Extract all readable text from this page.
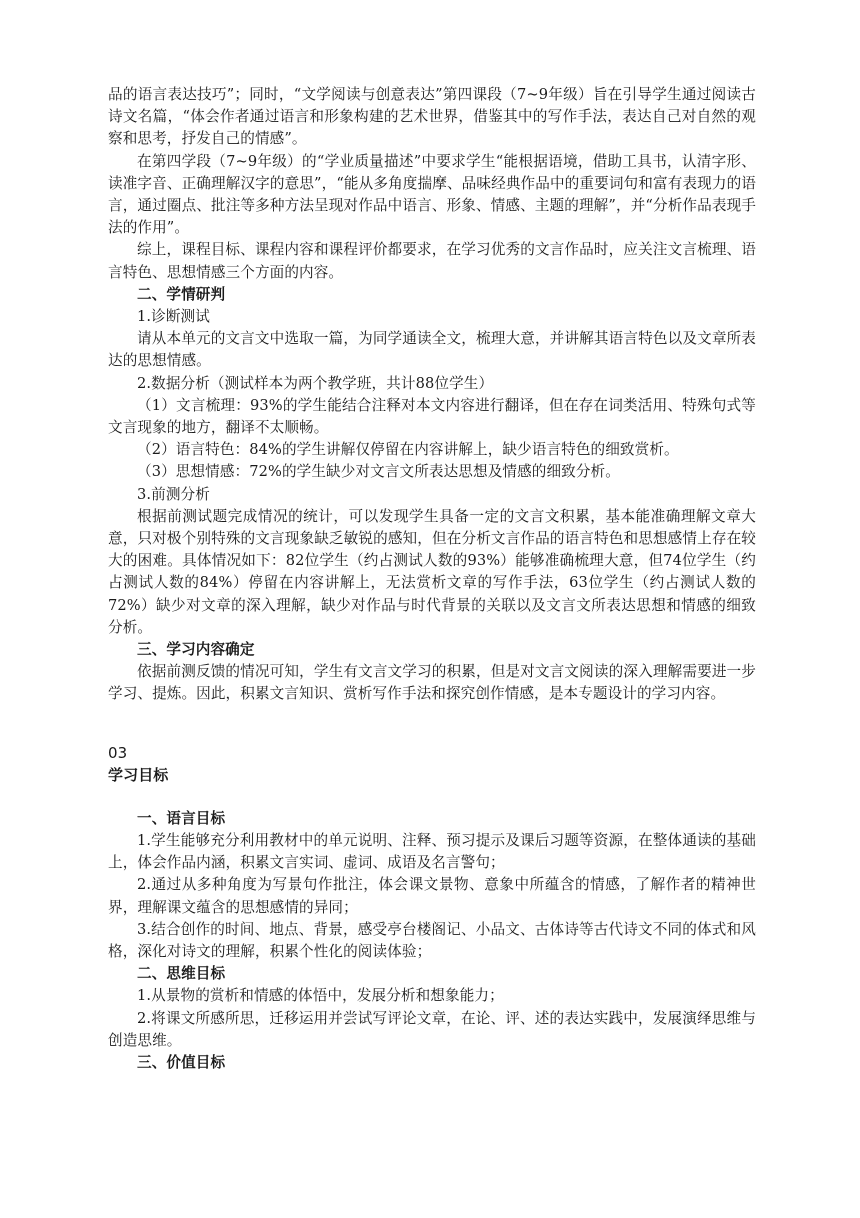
品的语言表达技巧”；同时，“文学阅读与创意表达”第四课段（7~9年级）旨在引导学生通过阅读古诗文名篇，“体会作者通过语言和形象构建的艺术世界，借鉴其中的写作手法，表达自己对自然的观察和思考，抒发自己的情感”。

在第四学段（7~9年级）的“学业质量描述”中要求学生“能根据语境，借助工具书，认清字形、读准字音、正确理解汉字的意思”，“能从多角度揣摩、品味经典作品中的重要词句和富有表现力的语言，通过圈点、批注等多种方法呈现对作品中语言、形象、情感、主题的理解”，并“分析作品表现手法的作用”。

综上，课程目标、课程内容和课程评价都要求，在学习优秀的文言作品时，应关注文言梳理、语言特色、思想情感三个方面的内容。

二、学情研判

1.诊断测试

请从本单元的文言文中选取一篇，为同学通读全文，梳理大意，并讲解其语言特色以及文章所表达的思想情感。

2.数据分析（测试样本为两个教学班，共计88位学生）

（1）文言梳理：93%的学生能结合注释对本文内容进行翻译，但在存在词类活用、特殊句式等文言现象的地方，翻译不太顺畅。

（2）语言特色：84%的学生讲解仅停留在内容讲解上，缺少语言特色的细致赏析。

（3）思想情感：72%的学生缺少对文言文所表达思想及情感的细致分析。

3.前测分析

根据前测试题完成情况的统计，可以发现学生具备一定的文言文积累，基本能准确理解文章大意，只对极个别特殊的文言现象缺乏敏锐的感知，但在分析文言作品的语言特色和思想感情上存在较大的困难。具体情况如下：82位学生（约占测试人数的93%）能够准确梳理大意，但74位学生（约占测试人数的84%）停留在内容讲解上，无法赏析文章的写作手法，63位学生（约占测试人数的72%）缺少对文章的深入理解，缺少对作品与时代背景的关联以及文言文所表达思想和情感的细致分析。

三、学习内容确定

依据前测反馈的情况可知，学生有文言文学习的积累，但是对文言文阅读的深入理解需要进一步学习、提炼。因此，积累文言知识、赏析写作手法和探究创作情感，是本专题设计的学习内容。

03

学习目标

一、语言目标

1.学生能够充分利用教材中的单元说明、注释、预习提示及课后习题等资源，在整体通读的基础上，体会作品内涵，积累文言实词、虚词、成语及名言警句；

2.通过从多种角度为写景句作批注，体会课文景物、意象中所蕴含的情感，了解作者的精神世界，理解课文蕴含的思想感情的异同；

3.结合创作的时间、地点、背景，感受亭台楼阁记、小品文、古体诗等古代诗文不同的体式和风格，深化对诗文的理解，积累个性化的阅读体验；

二、思维目标

1.从景物的赏析和情感的体悟中，发展分析和想象能力；

2.将课文所感所思，迁移运用并尝试写评论文章，在论、评、述的表达实践中，发展演绎思维与创造思维。

三、价值目标
